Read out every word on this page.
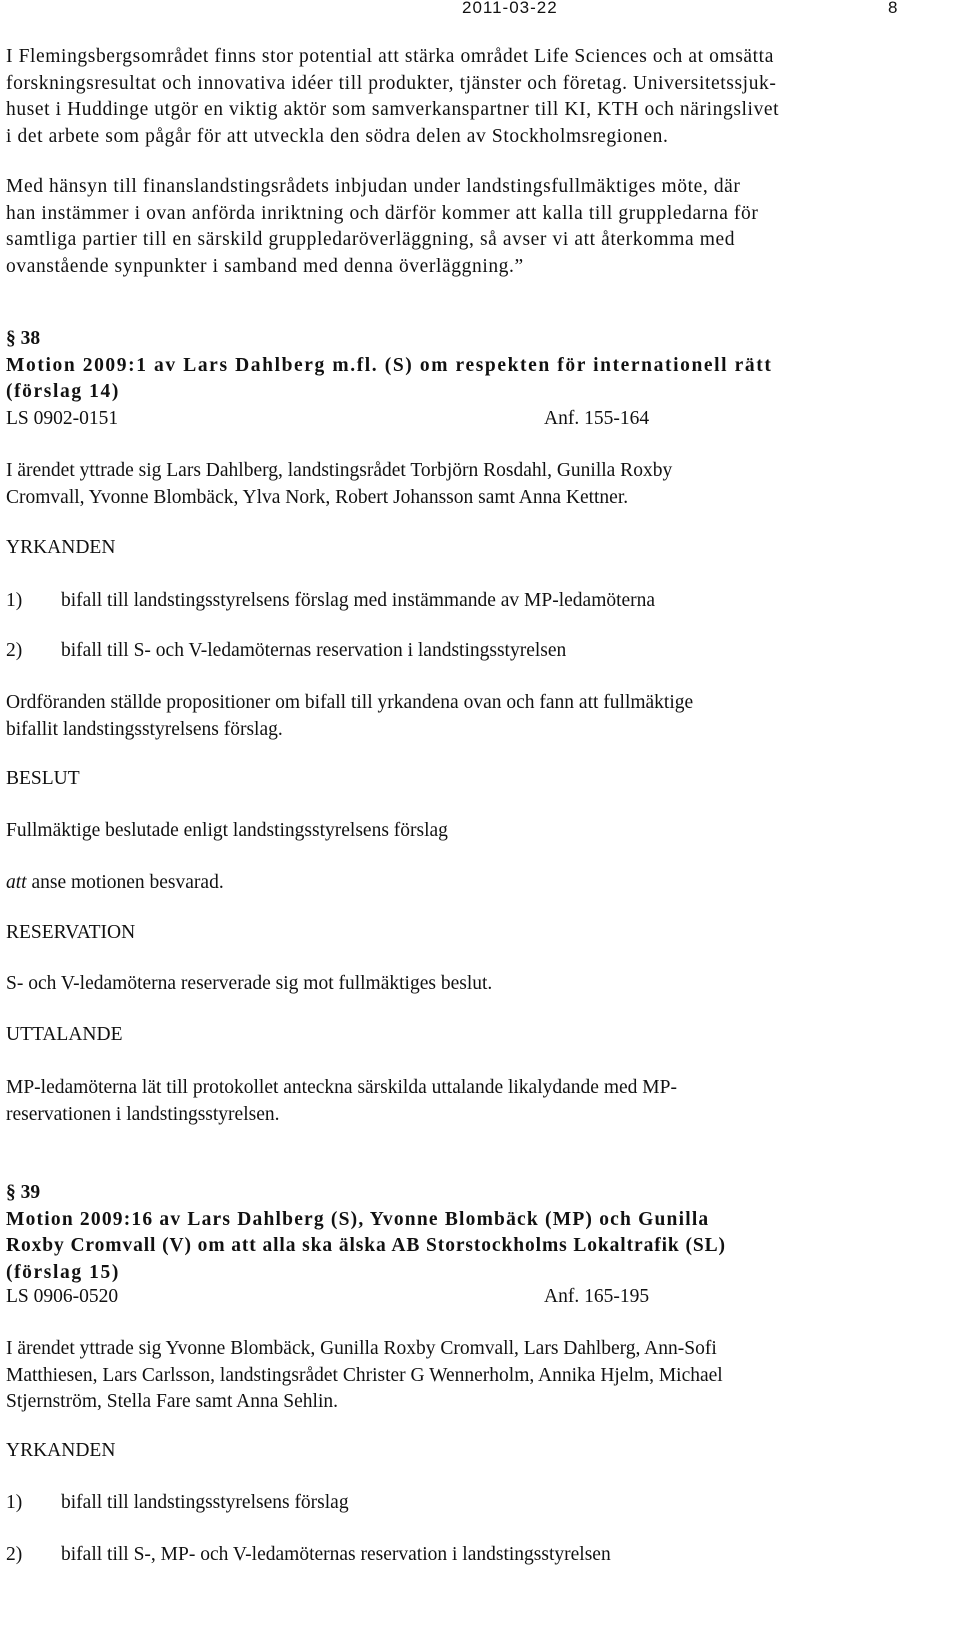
2011-03-22	8
I Flemingsbergsområdet finns stor potential att stärka området Life Sciences och at omsätta
forskningsresultat och innovativa idéer till produkter, tjänster och företag. Universitetssjuk-
huset i Huddinge utgör en viktig aktör som samverkanspartner till KI, KTH och näringslivet
i det arbete som pågår för att utveckla den södra delen av Stockholmsregionen.
Med hänsyn till finanslandstingsrådets inbjudan under landstingsfullmäktiges möte, där
han instämmer i ovan anförda inriktning och därför kommer att kalla till gruppledarna för
samtliga partier till en särskild gruppledaröverläggning, så avser vi att återkomma med
ovanstående synpunkter i samband med denna överläggning.”
§ 38
Motion 2009:1 av Lars Dahlberg m.fl. (S) om respekten för internationell rätt
(förslag 14)
LS 0902-0151	Anf. 155-164
I ärendet yttrade sig Lars Dahlberg, landstingsrådet Torbjörn Rosdahl, Gunilla Roxby
Cromvall, Yvonne Blombäck, Ylva Nork, Robert Johansson samt Anna Kettner.
YRKANDEN
1) bifall till landstingsstyrelsens förslag med instämmande av MP-ledamöterna
2) bifall till S- och V-ledamöternas reservation i landstingsstyrelsen
Ordföranden ställde propositioner om bifall till yrkandena ovan och fann att fullmäktige
bifallit landstingsstyrelsens förslag.
BESLUT
Fullmäktige beslutade enligt landstingsstyrelsens förslag
att anse motionen besvarad.
RESERVATION
S- och V-ledamöterna reserverade sig mot fullmäktiges beslut.
UTTALANDE
MP-ledamöterna lät till protokollet anteckna särskilda uttalande likalydande med MP-
reservationen i landstingsstyrelsen.
§ 39
Motion 2009:16 av Lars Dahlberg (S), Yvonne Blombäck (MP) och Gunilla
Roxby Cromvall (V) om att alla ska älska AB Storstockholms Lokaltrafik (SL)
(förslag 15)
LS 0906-0520	Anf. 165-195
I ärendet yttrade sig Yvonne Blombäck, Gunilla Roxby Cromvall, Lars Dahlberg, Ann-Sofi
Matthiesen, Lars Carlsson, landstingsrådet Christer G Wennerholm, Annika Hjelm, Michael
Stjernström, Stella Fare samt Anna Sehlin.
YRKANDEN
1) bifall till landstingsstyrelsens förslag
2) bifall till S-, MP- och V-ledamöternas reservation i landstingsstyrelsen
